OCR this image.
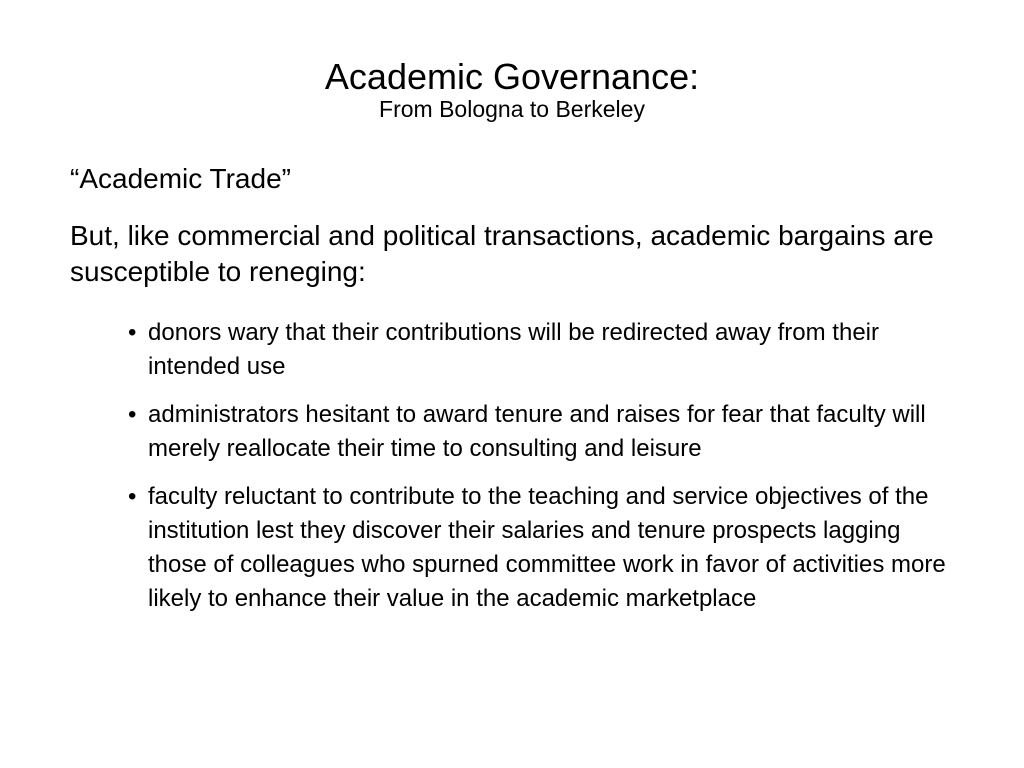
Academic Governance:
From Bologna to Berkeley
“Academic Trade”

But, like commercial and political transactions, academic bargains are susceptible to reneging:

• donors wary that their contributions will be redirected away from their intended use
• administrators hesitant to award tenure and raises for fear that faculty will merely reallocate their time to consulting and leisure
• faculty reluctant to contribute to the teaching and service objectives of the institution lest they discover their salaries and tenure prospects lagging those of colleagues who spurned committee work in favor of activities more likely to enhance their value in the academic marketplace
